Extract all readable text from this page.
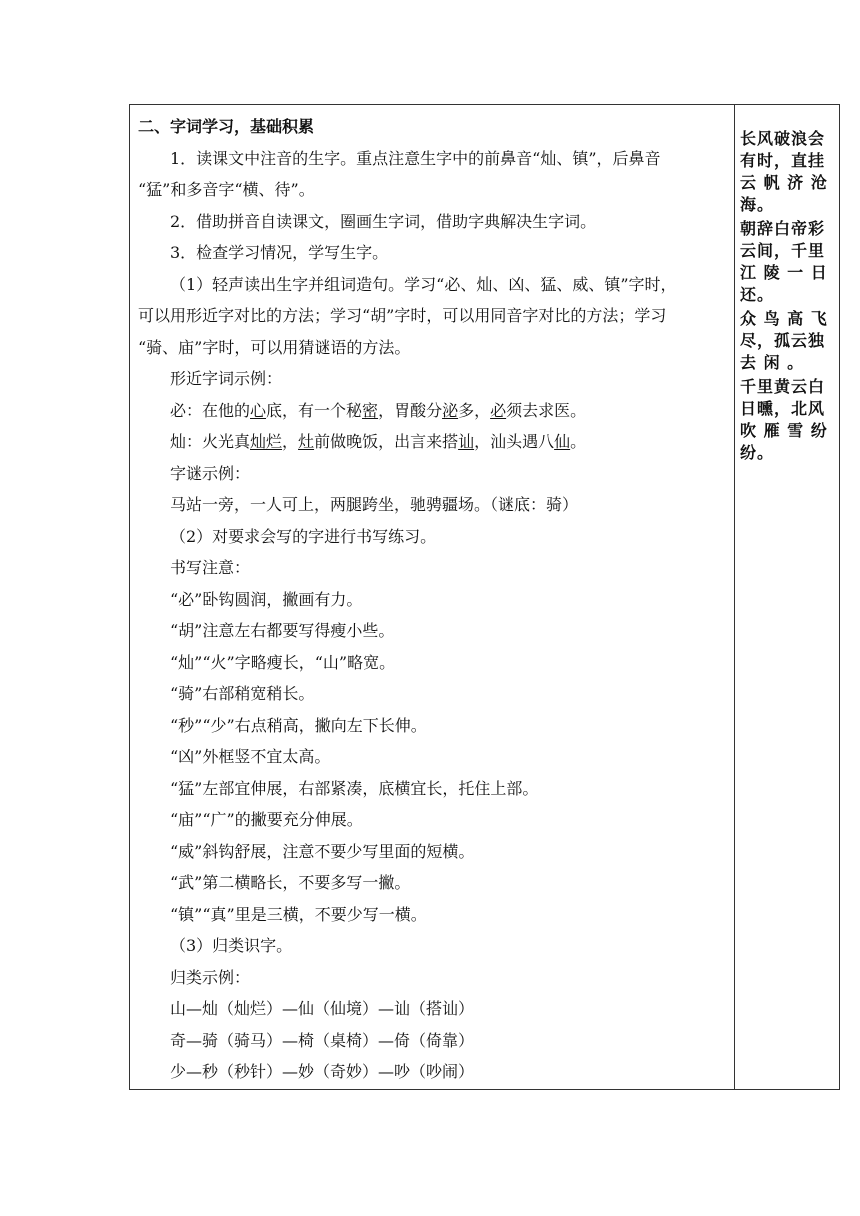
二、字词学习，基础积累
1．读课文中注音的生字。重点注意生字中的前鼻音“灿、镇”，后鼻音
“猛”和多音字“横、待”。
2．借助拼音自读课文，圈画生字词，借助字典解决生字词。
3．检查学习情况，学写生字。
（1）轻声读出生字并组词造句。学习“必、灿、凶、猛、威、镇”字时，
可以用形近字对比的方法；学习“胡”字时，可以用同音字对比的方法；学习
“骑、庙”字时，可以用猜谜语的方法。
形近字词示例：
必：在他的心底，有一个秘密，胃酸分泌多，必须去求医。
灿：火光真灿烂，灶前做晚饭，出言来搭讪，汕头遇八仙。
字谜示例：
马站一旁，一人可上，两腿跨坐，驰骋疆场。（谜底：骑）
（2）对要求会写的字进行书写练习。
书写注意：
“必”卧钩圆润，撇画有力。
“胡”注意左右都要写得瘦小些。
“灿”“火”字略瘦长，“山”略宽。
“骑”右部稍宽稍长。
“秒”“少”右点稍高，撇向左下长伸。
“凶”外框竖不宜太高。
“猛”左部宜伸展，右部紧凑，底横宜长，托住上部。
“庙”“广”的撇要充分伸展。
“威”斜钩舒展，注意不要少写里面的短横。
“武”第二横略长，不要多写一撇。
“镇”“真”里是三横，不要少写一横。
（3）归类识字。
归类示例：
山—灿（灿烂）—仙（仙境）—讪（搭讪）
奇—骑（骑马）—椅（桌椅）—倚（倚靠）
少—秒（秒针）—妙（奇妙）—吵（吵闹）
长风破浪会
有时，直挂
云 帆 济 沧
海。
朝辞白帝彩
云间，千里
江 陵 一 日
还。
众 鸟 高 飞
尽，孤云独
去 闲 。
千里黄云白
日曛，北风
吹 雁 雪 纷
纷。
